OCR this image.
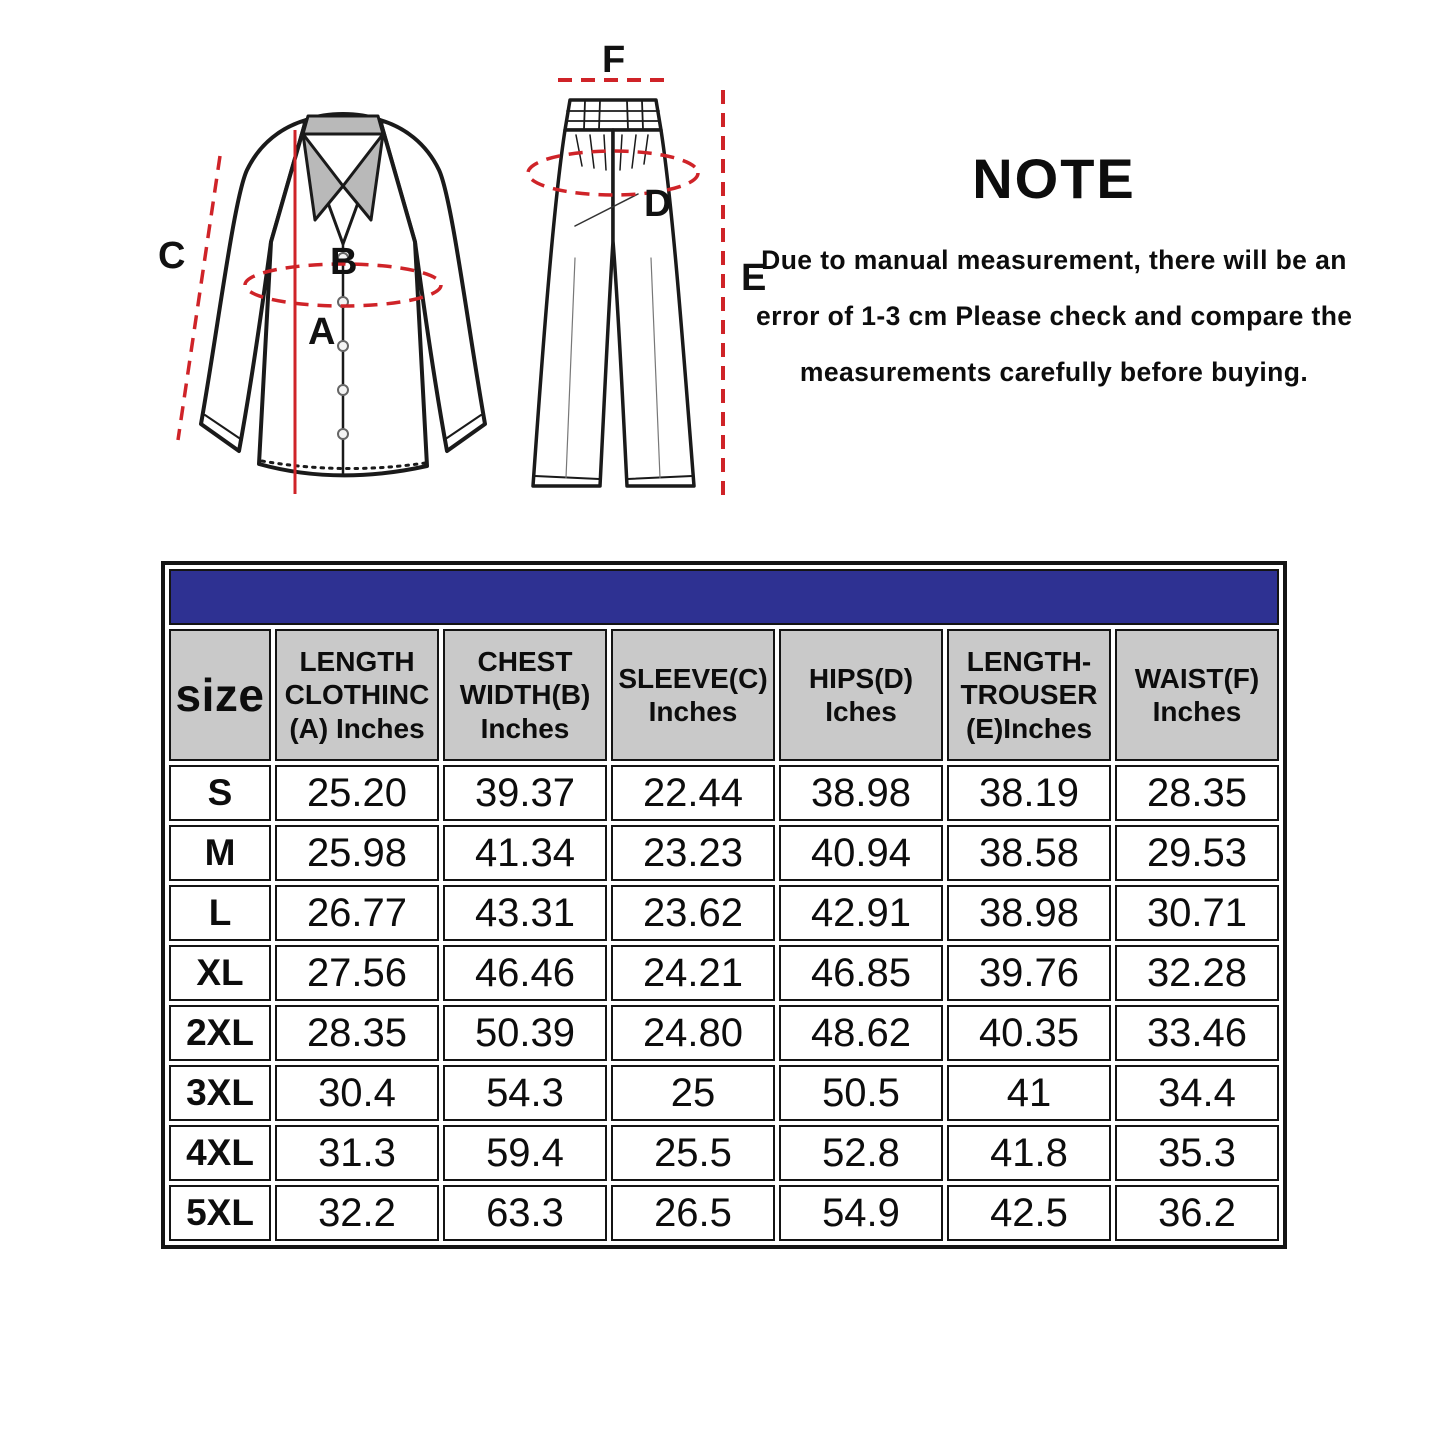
C	B
A
F
D
E
NOTE
Due to manual measurement, there will be an
error of 1-3 cm Please check and compare the
measurements carefully before buying.

size	LENGTH CLOTHINC (A) Inches	CHEST WIDTH(B) Inches	SLEEVE(C) Inches	HIPS(D) Iches	LENGTH-TROUSER (E)Inches	WAIST(F) Inches
S	25.20	39.37	22.44	38.98	38.19	28.35
M	25.98	41.34	23.23	40.94	38.58	29.53
L	26.77	43.31	23.62	42.91	38.98	30.71
XL	27.56	46.46	24.21	46.85	39.76	32.28
2XL	28.35	50.39	24.80	48.62	40.35	33.46
3XL	30.4	54.3	25	50.5	41	34.4
4XL	31.3	59.4	25.5	52.8	41.8	35.3
5XL	32.2	63.3	26.5	54.9	42.5	36.2
